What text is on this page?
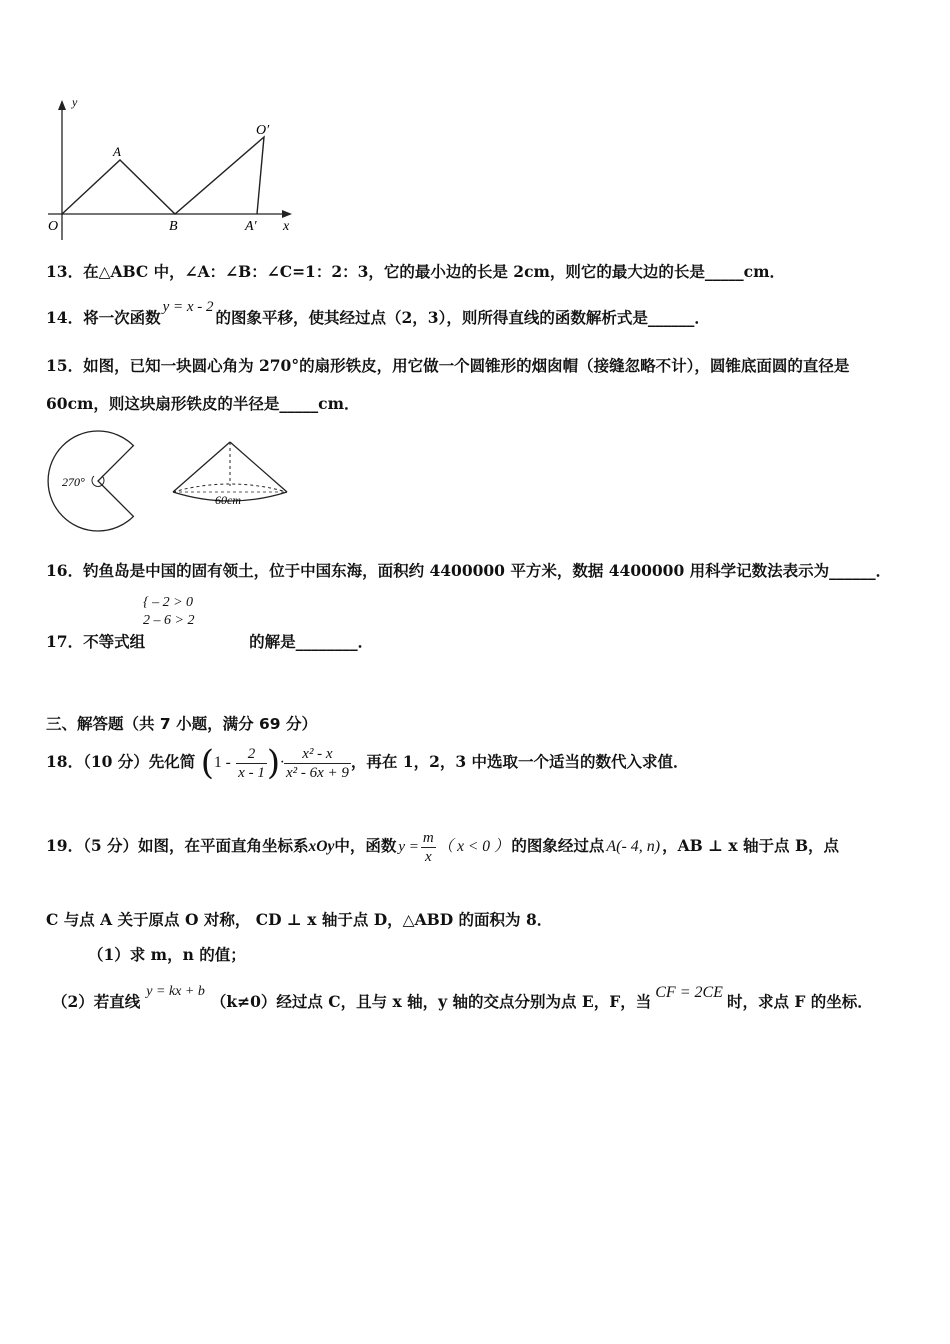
y
x
O
A
B	A′
O′
13．在△ABC 中，∠A：∠B：∠C=1：2：3，它的最小边的长是 2cm，则它的最大边的长是_____cm．
14．将一次函数y = x - 2的图象平移，使其经过点（2，3），则所得直线的函数解析式是______．
15．如图，已知一块圆心角为 270°的扇形铁皮，用它做一个圆锥形的烟囱帽（接缝忽略不计），圆锥底面圆的直径是
60cm，则这块扇形铁皮的半径是_____cm．
270°
60cm
16．钓鱼岛是中国的固有领土，位于中国东海，面积约 4400000 平方米，数据 4400000 用科学记数法表示为______．
17．不等式组	的解是________．
{ – 2 > 0
2 – 6 > 2
三、解答题（共 7 小题，满分 69 分）
18．（10 分）先化简 ($1 - \frac{2}{x - 1}$ )· $\frac{\text{x² - x}}{\text{x² - 6x + 9}}$ ，再在 1，2，3 中选取一个适当的数代入求值．
19．（5 分）如图，在平面直角坐标系xOy中，函数 $y = \frac{m}{x}$ （ x < 0 ） 的图象经过点 A(- 4, n) ，AB ⊥ x 轴于点 B，点
C 与点 A 关于原点 O 对称， CD ⊥ x 轴于点 D，△ABD 的面积为 8．
（1）求 m，n 的值；
（2）若直线y = kx + b（k≠0）经过点 C，且与 x 轴，y 轴的交点分别为点 E，F，当 CF = 2CE 时，求点 F 的坐标．
